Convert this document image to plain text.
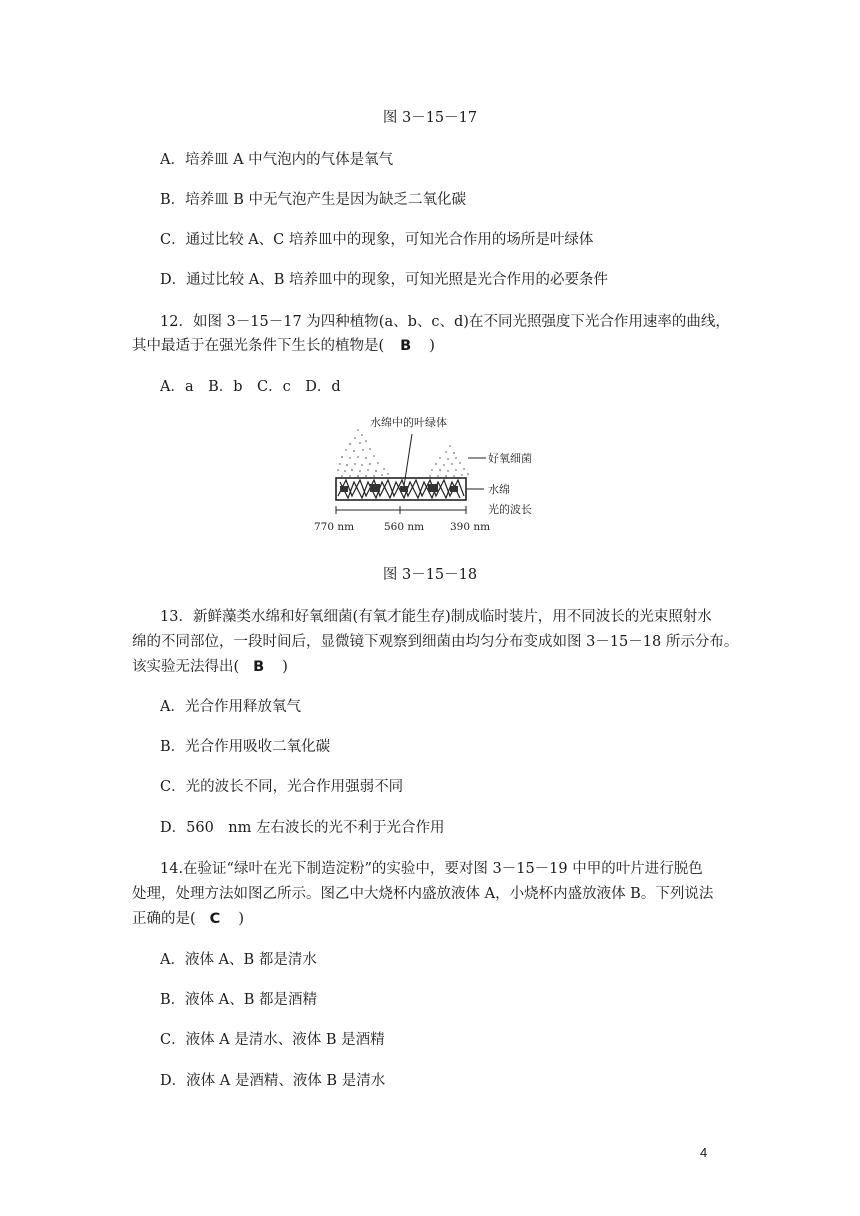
图 3－15－17
A．培养皿 A 中气泡内的气体是氧气
B．培养皿 B 中无气泡产生是因为缺乏二氧化碳
C．通过比较 A、C 培养皿中的现象，可知光合作用的场所是叶绿体
D．通过比较 A、B 培养皿中的现象，可知光照是光合作用的必要条件
12．如图 3－15－17 为四种植物(a、b、c、d)在不同光照强度下光合作用速率的曲线，
其中最适于在强光条件下生长的植物是( B )
A．a　B．b　C．c　D．d
水绵中的叶绿体
好氧细菌
水绵
光的波长
770 nm	560 nm 390 nm
图 3－15－18
13．新鲜藻类水绵和好氧细菌(有氧才能生存)制成临时装片，用不同波长的光束照射水
绵的不同部位，一段时间后，显微镜下观察到细菌由均匀分布变成如图 3－15－18 所示分布。
该实验无法得出( B )
A．光合作用释放氧气
B．光合作用吸收二氧化碳
C．光的波长不同，光合作用强弱不同
D．560　nm 左右波长的光不利于光合作用
14.在验证“绿叶在光下制造淀粉”的实验中，要对图 3－15－19 中甲的叶片进行脱色
处理，处理方法如图乙所示。图乙中大烧杯内盛放液体 A，小烧杯内盛放液体 B。下列说法
正确的是( C )
A．液体 A、B 都是清水
B．液体 A、B 都是酒精
C．液体 A 是清水、液体 B 是酒精
D．液体 A 是酒精、液体 B 是清水
4
